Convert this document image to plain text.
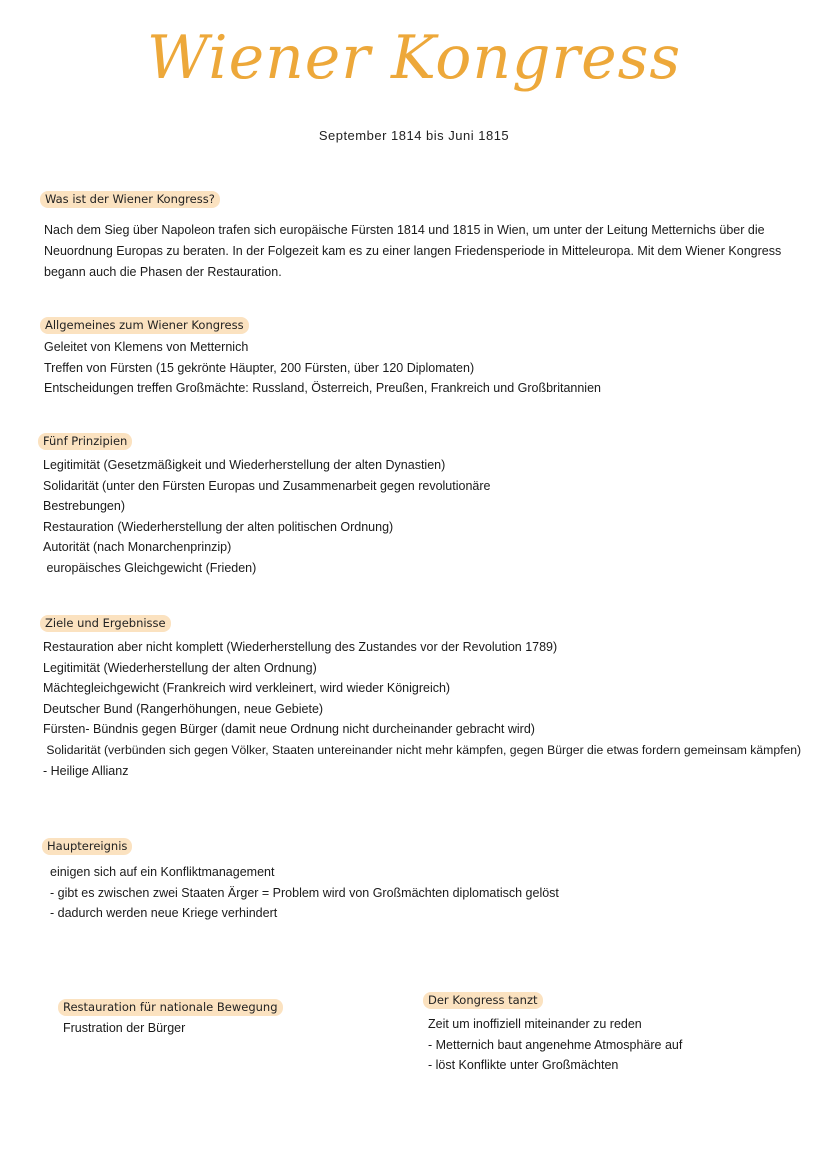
Wiener Kongress
September 1814 bis Juni 1815
Was ist der Wiener Kongress?
Nach dem Sieg über Napoleon trafen sich europäische Fürsten 1814 und 1815 in Wien, um unter der Leitung Metternichs über die Neuordnung Europas zu beraten. In der Folgezeit kam es zu einer langen Friedensperiode in Mitteleuropa. Mit dem Wiener Kongress begann auch die Phasen der Restauration.
Allgemeines zum Wiener Kongress
Geleitet von Klemens von Metternich
Treffen von Fürsten (15 gekrönte Häupter, 200 Fürsten, über 120 Diplomaten)
Entscheidungen treffen Großmächte: Russland, Österreich, Preußen, Frankreich und Großbritannien
Fünf Prinzipien
Legitimität (Gesetzmäßigkeit und Wiederherstellung der alten Dynastien)
Solidarität (unter den Fürsten Europas und Zusammenarbeit gegen revolutionäre
Bestrebungen)
Restauration (Wiederherstellung der alten politischen Ordnung)
Autorität (nach Monarchenprinzip)
europäisches Gleichgewicht (Frieden)
Ziele und Ergebnisse
Restauration aber nicht komplett (Wiederherstellung des Zustandes vor der Revolution 1789)
Legitimität (Wiederherstellung der alten Ordnung)
Mächtegleichgewicht (Frankreich wird verkleinert, wird wieder Königreich)
Deutscher Bund (Rangerhöhungen, neue Gebiete)
Fürsten- Bündnis gegen Bürger (damit neue Ordnung nicht durcheinander gebracht wird)
Solidarität (verbünden sich gegen Völker, Staaten untereinander nicht mehr kämpfen, gegen Bürger die etwas fordern gemeinsam kämpfen)
- Heilige Allianz
Hauptereignis
einigen sich auf ein Konfliktmanagement
- gibt es zwischen zwei Staaten Ärger = Problem wird von Großmächten diplomatisch gelöst
- dadurch werden neue Kriege verhindert
Restauration für nationale Bewegung
Frustration der Bürger
Der Kongress tanzt
Zeit um inoffiziell miteinander zu reden
- Metternich baut angenehme Atmosphäre auf
- löst Konflikte unter Großmächten
